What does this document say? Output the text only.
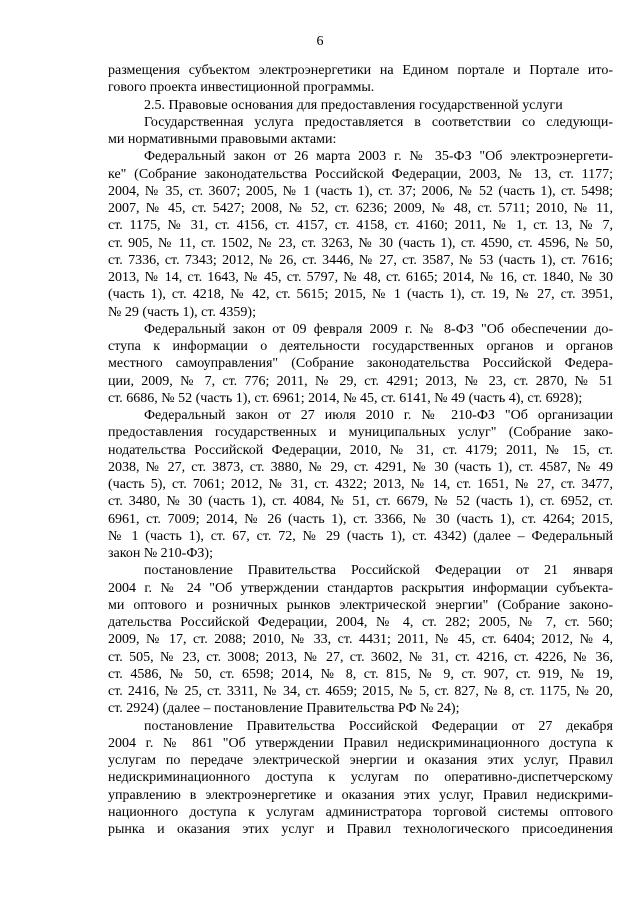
6
размещения субъектом электроэнергетики на Едином портале и Портале ито-
гового проекта инвестиционной программы.
2.5. Правовые основания для предоставления государственной услуги
Государственная услуга предоставляется в соответствии со следующи-
ми нормативными правовыми актами:
Федеральный закон от 26 марта 2003 г. № 35-ФЗ "Об электроэнергети-
ке" (Собрание законодательства Российской Федерации, 2003, № 13, ст. 1177;
2004, № 35, ст. 3607; 2005, № 1 (часть 1), ст. 37; 2006, № 52 (часть 1), ст. 5498;
2007, № 45, ст. 5427; 2008, № 52, ст. 6236; 2009, № 48, ст. 5711; 2010, № 11,
ст. 1175, № 31, ст. 4156, ст. 4157, ст. 4158, ст. 4160; 2011, № 1, ст. 13, № 7,
ст. 905, № 11, ст. 1502, № 23, ст. 3263, № 30 (часть 1), ст. 4590, ст. 4596, № 50,
ст. 7336, ст. 7343; 2012, № 26, ст. 3446, № 27, ст. 3587, № 53 (часть 1), ст. 7616;
2013, № 14, ст. 1643, № 45, ст. 5797, № 48, ст. 6165; 2014, № 16, ст. 1840, № 30
(часть 1), ст. 4218, № 42, ст. 5615; 2015, № 1 (часть 1), ст. 19, № 27, ст. 3951,
№ 29 (часть 1), ст. 4359);
Федеральный закон от 09 февраля 2009 г. № 8-ФЗ "Об обеспечении до-
ступа к информации о деятельности государственных органов и органов
местного самоуправления" (Собрание законодательства Российской Федера-
ции, 2009, № 7, ст. 776; 2011, № 29, ст. 4291; 2013, № 23, ст. 2870, № 51
ст. 6686, № 52 (часть 1), ст. 6961; 2014, № 45, ст. 6141, № 49 (часть 4), ст. 6928);
Федеральный закон от 27 июля 2010 г. № 210-ФЗ "Об организации
предоставления государственных и муниципальных услуг" (Собрание зако-
нодательства Российской Федерации, 2010, № 31, ст. 4179; 2011, № 15, ст.
2038, № 27, ст. 3873, ст. 3880, № 29, ст. 4291, № 30 (часть 1), ст. 4587, № 49
(часть 5), ст. 7061; 2012, № 31, ст. 4322; 2013, № 14, ст. 1651, № 27, ст. 3477,
ст. 3480, № 30 (часть 1), ст. 4084, № 51, ст. 6679, № 52 (часть 1), ст. 6952, ст.
6961, ст. 7009; 2014, № 26 (часть 1), ст. 3366, № 30 (часть 1), ст. 4264; 2015,
№ 1 (часть 1), ст. 67, ст. 72, № 29 (часть 1), ст. 4342) (далее – Федеральный
закон № 210-ФЗ);
постановление Правительства Российской Федерации от 21 января
2004 г. № 24 "Об утверждении стандартов раскрытия информации субъекта-
ми оптового и розничных рынков электрической энергии" (Собрание законо-
дательства Российской Федерации, 2004, № 4, ст. 282; 2005, № 7, ст. 560;
2009, № 17, ст. 2088; 2010, № 33, ст. 4431; 2011, № 45, ст. 6404; 2012, № 4,
ст. 505, № 23, ст. 3008; 2013, № 27, ст. 3602, № 31, ст. 4216, ст. 4226, № 36,
ст. 4586, № 50, ст. 6598; 2014, № 8, ст. 815, № 9, ст. 907, ст. 919, № 19,
ст. 2416, № 25, ст. 3311, № 34, ст. 4659; 2015, № 5, ст. 827, № 8, ст. 1175, № 20,
ст. 2924) (далее – постановление Правительства РФ № 24);
постановление Правительства Российской Федерации от 27 декабря
2004 г. № 861 "Об утверждении Правил недискриминационного доступа к
услугам по передаче электрической энергии и оказания этих услуг, Правил
недискриминационного доступа к услугам по оперативно-диспетчерскому
управлению в электроэнергетике и оказания этих услуг, Правил недискрими-
национного доступа к услугам администратора торговой системы оптового
рынка и оказания этих услуг и Правил технологического присоединения
